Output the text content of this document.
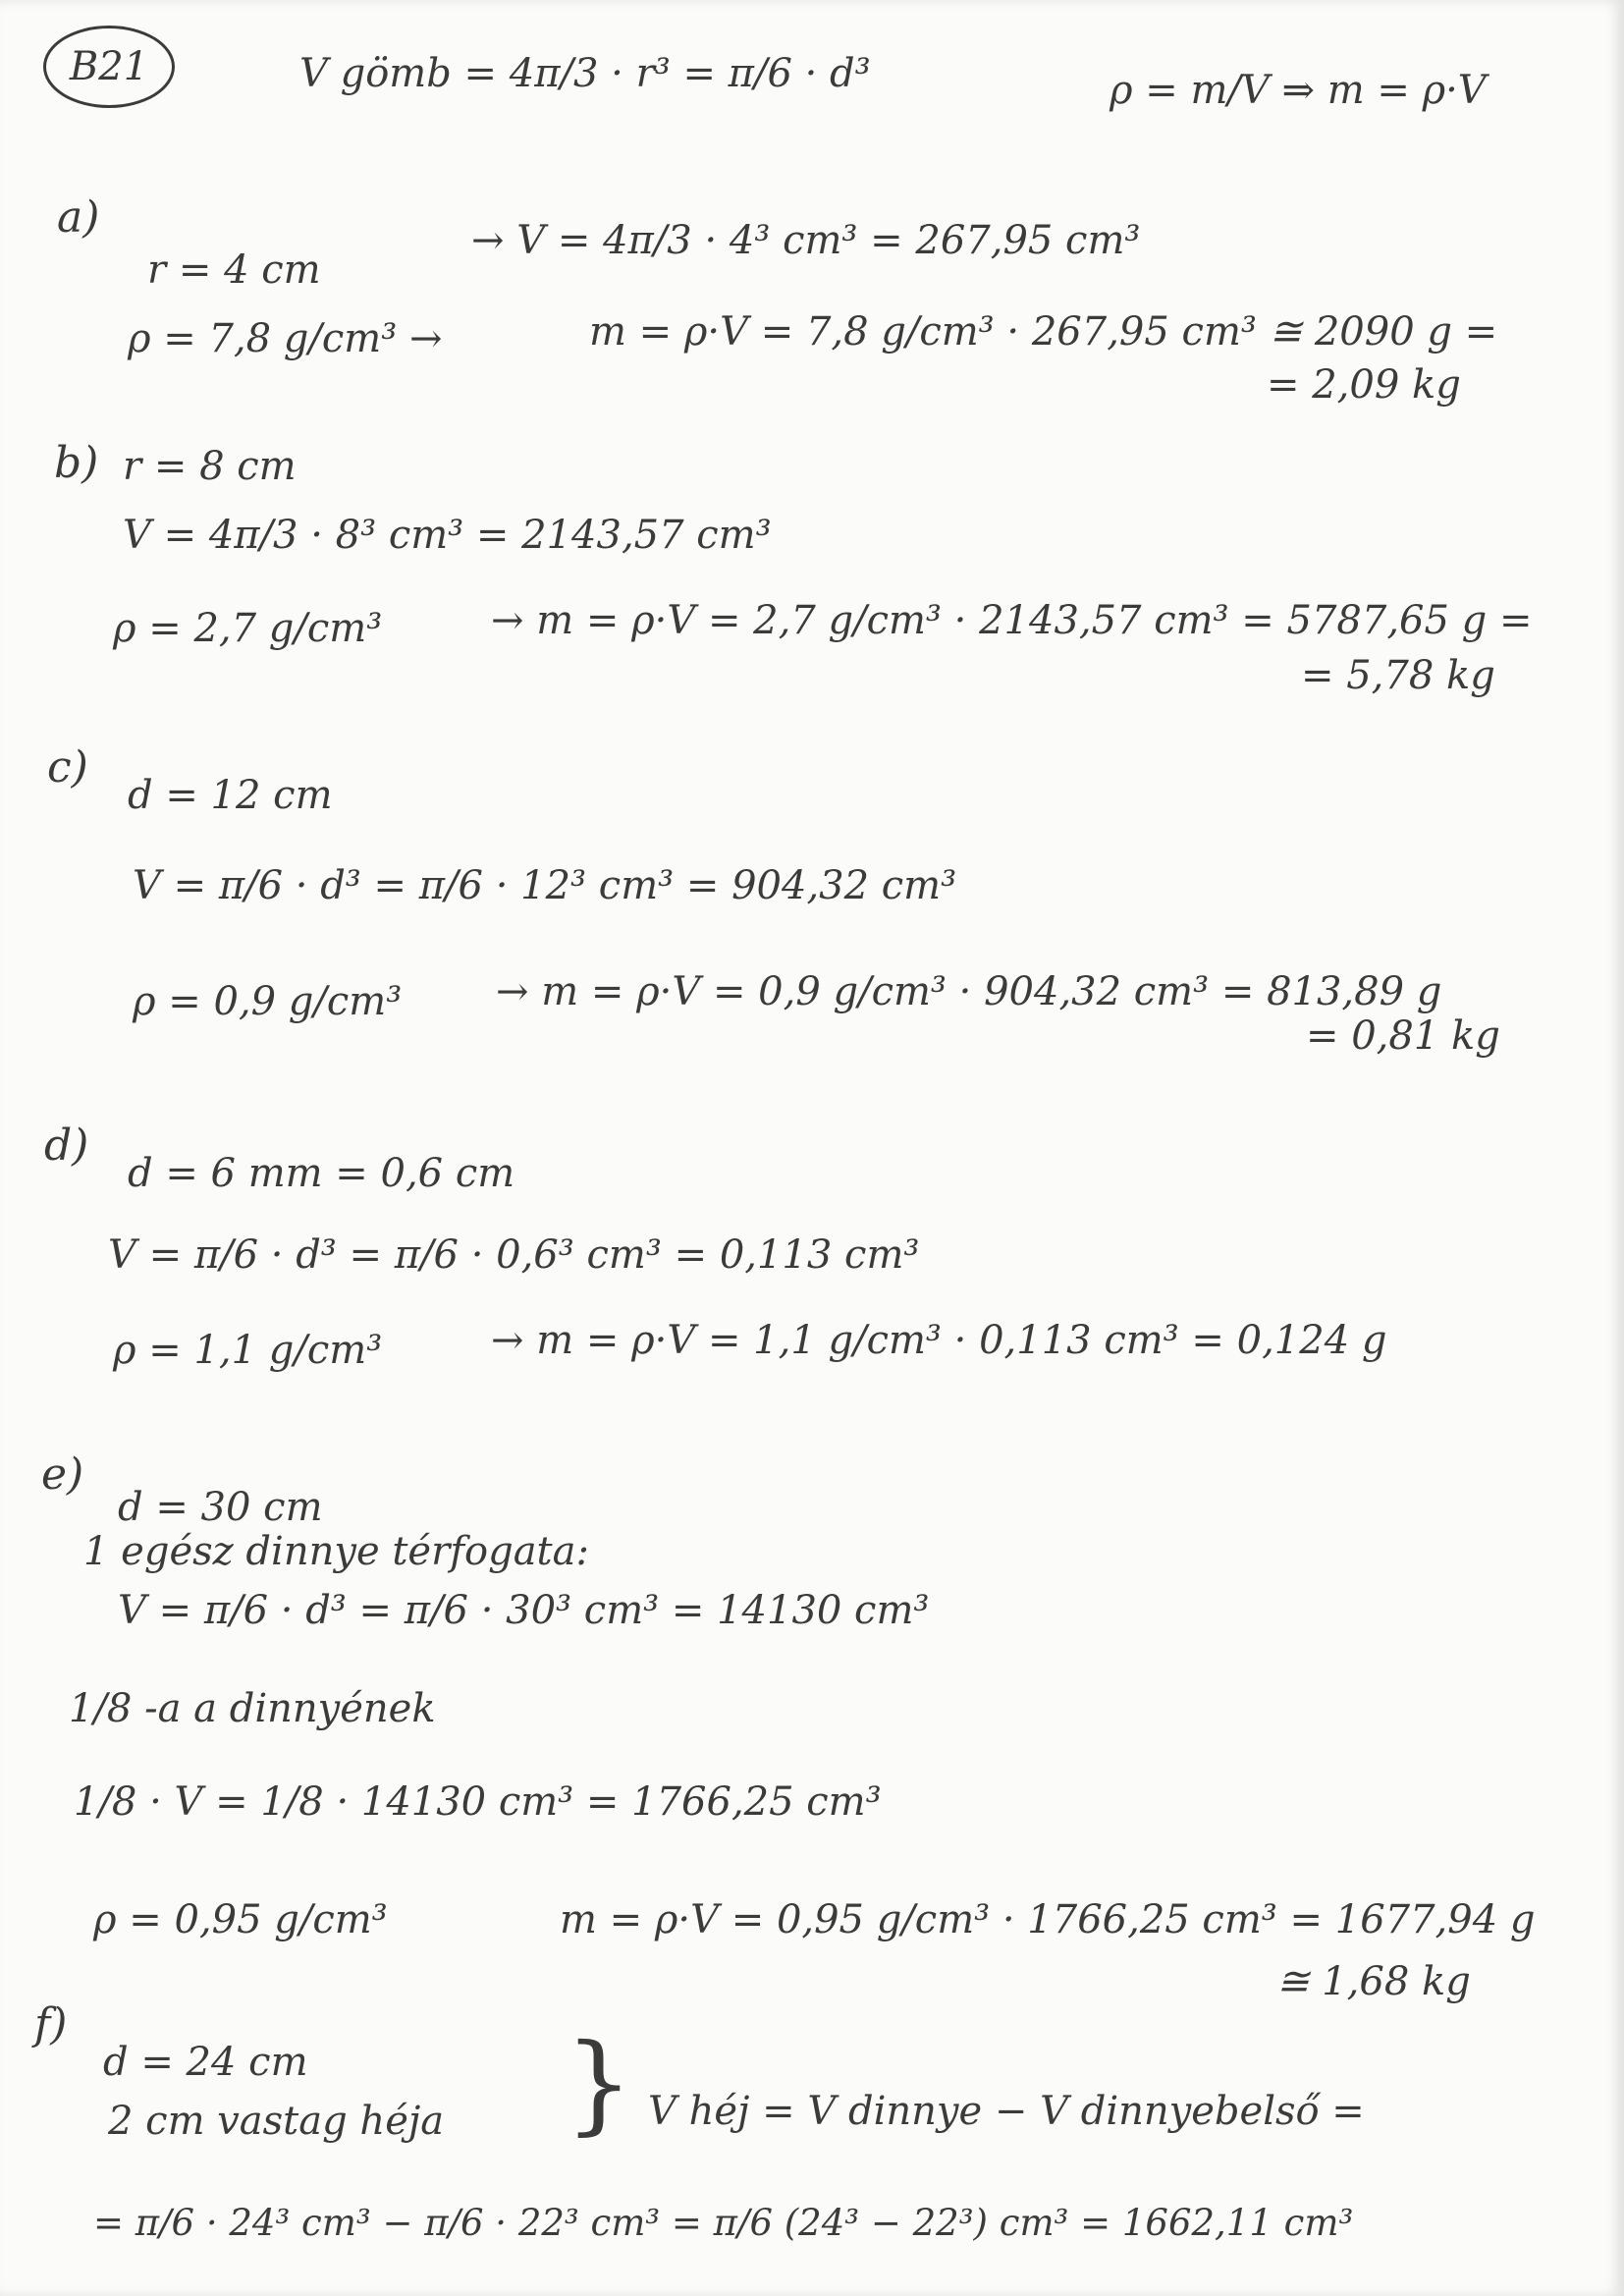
B21	V gömb = 4π/3 · r³ = π/6 · d³	ρ = m/V ⇒ m = ρ·V
a)
r = 4 cm
→ V = 4π/3 · 4³ cm³ = 267,95 cm³
ρ = 7,8 g/cm³ →	m = ρ·V = 7,8 g/cm³ · 267,95 cm³ ≅ 2090 g =
= 2,09 kg
b) r = 8 cm
V = 4π/3 · 8³ cm³ = 2143,57 cm³
ρ = 2,7 g/cm³	→ m = ρ·V = 2,7 g/cm³ · 2143,57 cm³ = 5787,65 g =
= 5,78 kg
c)
d = 12 cm
V = π/6 · d³ = π/6 · 12³ cm³ = 904,32 cm³
ρ = 0,9 g/cm³ → m = ρ·V = 0,9 g/cm³ · 904,32 cm³ = 813,89 g
= 0,81 kg
d)
d = 6 mm = 0,6 cm
V = π/6 · d³ = π/6 · 0,6³ cm³ = 0,113 cm³
ρ = 1,1 g/cm³	→ m = ρ·V = 1,1 g/cm³ · 0,113 cm³ = 0,124 g
e)
d = 30 cm
1 egész dinnye térfogata:
V = π/6 · d³ = π/6 · 30³ cm³ = 14130 cm³
1/8 -a a dinnyének
1/8 · V = 1/8 · 14130 cm³ = 1766,25 cm³
ρ = 0,95 g/cm³	m = ρ·V = 0,95 g/cm³ · 1766,25 cm³ = 1677,94 g
≅ 1,68 kg
f)
d = 24 cm
2 cm vastag héja } V héj = V dinnye − V dinnyebelső =
= π/6 · 24³ cm³ − π/6 · 22³ cm³ = π/6 (24³ − 22³) cm³ = 1662,11 cm³
